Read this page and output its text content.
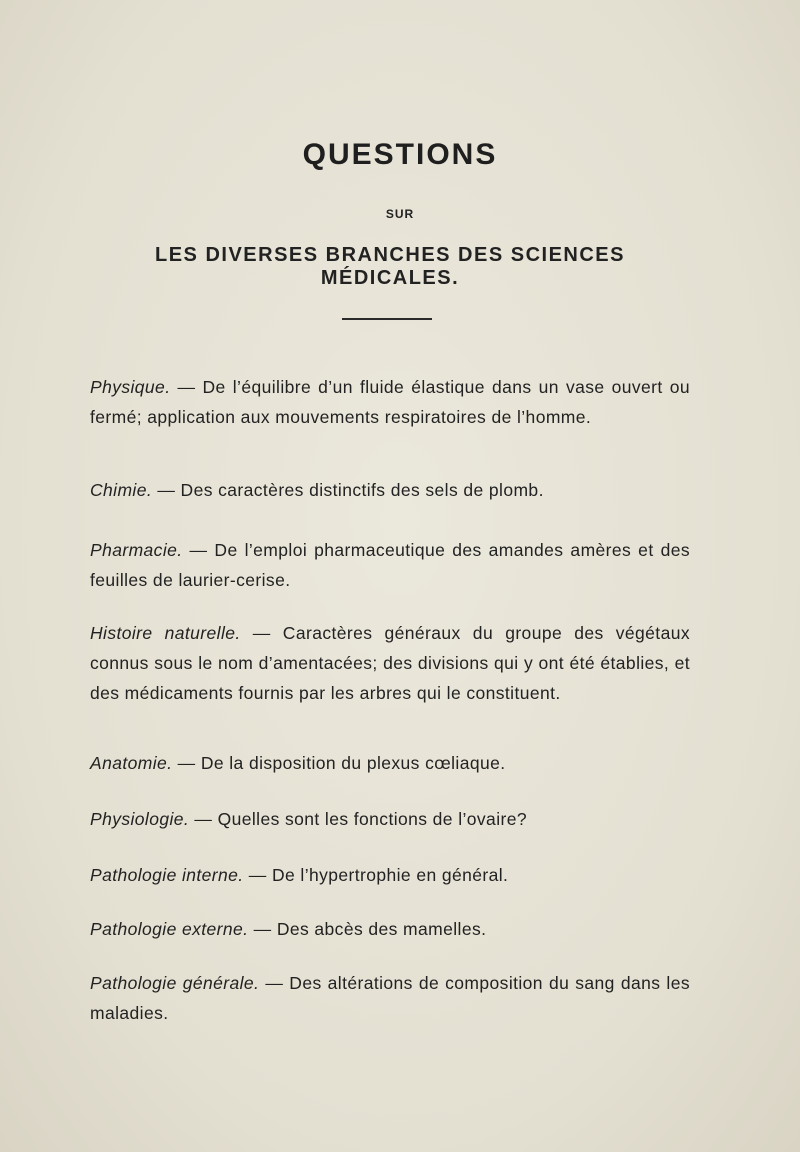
QUESTIONS
SUR
LES DIVERSES BRANCHES DES SCIENCES MÉDICALES.

Physique. — De l’équilibre d’un fluide élastique dans un vase ouvert ou fermé; application aux mouvements respiratoires de l’homme.

Chimie. — Des caractères distinctifs des sels de plomb.

Pharmacie. — De l’emploi pharmaceutique des amandes amères et des feuilles de laurier-cerise.

Histoire naturelle. — Caractères généraux du groupe des végétaux connus sous le nom d’amentacées; des divisions qui y ont été établies, et des médicaments fournis par les arbres qui le constituent.

Anatomie. — De la disposition du plexus cœliaque.

Physiologie. — Quelles sont les fonctions de l’ovaire?

Pathologie interne. — De l’hypertrophie en général.

Pathologie externe. — Des abcès des mamelles.

Pathologie générale. — Des altérations de composition du sang dans les maladies.
